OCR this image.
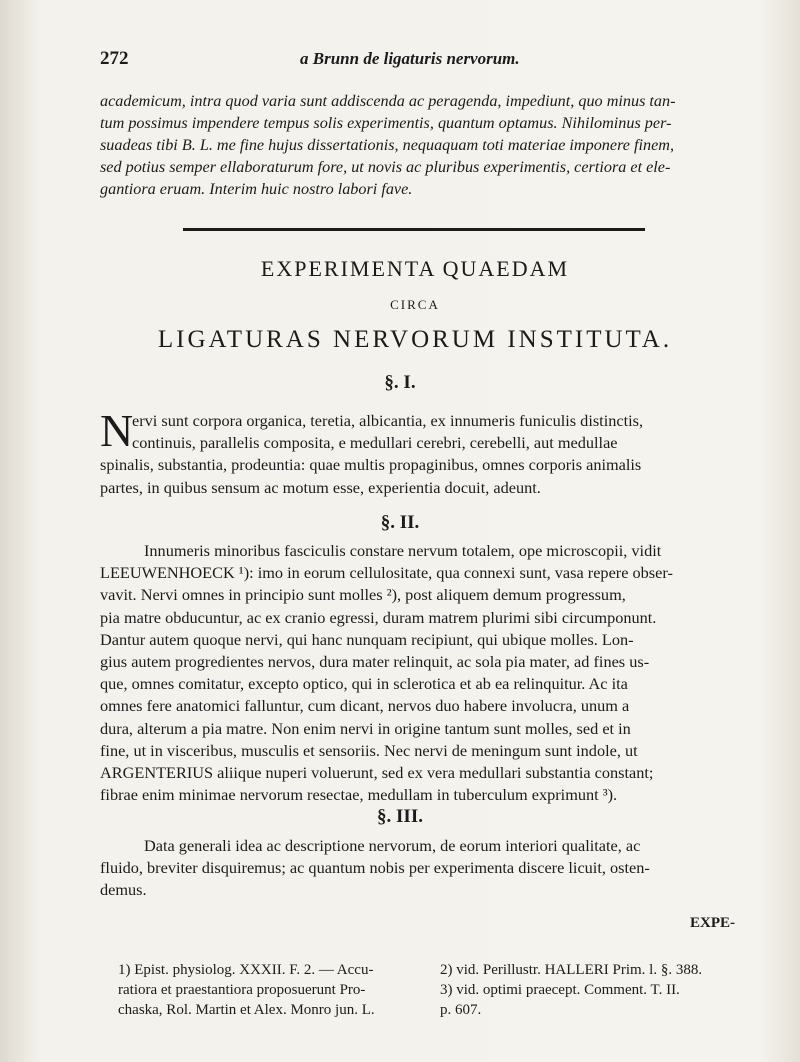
272	a Brunn de ligaturis nervorum.
academicum, intra quod varia sunt addiscenda ac peragenda, impediunt, quo minus tan-
tum possimus impendere tempus solis experimentis, quantum optamus. Nihilominus per-
suadeas tibi B. L. me fine hujus dissertationis, nequaquam toti materiae imponere finem,
sed potius semper ellaboraturum fore, ut novis ac pluribus experimentis, certiora et ele-
gantiora eruam. Interim huic nostro labori fave.
EXPERIMENTA QUAEDAM
CIRCA
LIGATURAS NERVORUM INSTITUTA.
§. I.
N
ervi sunt corpora organica, teretia, albicantia, ex innumeris funiculis distinctis,
continuis, parallelis composita, e medullari cerebri, cerebelli, aut medullae
spinalis, substantia, prodeuntia: quae multis propaginibus, omnes corporis animalis
partes, in quibus sensum ac motum esse, experientia docuit, adeunt.
§. II.
Innumeris minoribus fasciculis constare nervum totalem, ope microscopii, vidit
LEEUWENHOECK ¹): imo in eorum cellulositate, qua connexi sunt, vasa repere obser-
vavit. Nervi omnes in principio sunt molles ²), post aliquem demum progressum,
pia matre obducuntur, ac ex cranio egressi, duram matrem plurimi sibi circumponunt.
Dantur autem quoque nervi, qui hanc nunquam recipiunt, qui ubique molles. Lon-
gius autem progredientes nervos, dura mater relinquit, ac sola pia mater, ad fines us-
que, omnes comitatur, excepto optico, qui in sclerotica et ab ea relinquitur. Ac ita
omnes fere anatomici falluntur, cum dicant, nervos duo habere involucra, unum a
dura, alterum a pia matre. Non enim nervi in origine tantum sunt molles, sed et in
fine, ut in visceribus, musculis et sensoriis. Nec nervi de meningum sunt indole, ut
ARGENTERIUS aliique nuperi voluerunt, sed ex vera medullari substantia constant;
fibrae enim minimae nervorum resectae, medullam in tuberculum exprimunt ³).
§. III.
Data generali idea ac descriptione nervorum, de eorum interiori qualitate, ac
fluido, breviter disquiremus; ac quantum nobis per experimenta discere licuit, osten-
demus.
EXPE-
1) Epist. physiolog. XXXII. F. 2. — Accu-
ratiora et praestantiora proposuerunt Pro-
chaska, Rol. Martin et Alex. Monro jun. L.
2) vid. Perillustr. HALLERI Prim. l. §. 388.
3) vid. optimi praecept. Comment. T. II.
p. 607.
